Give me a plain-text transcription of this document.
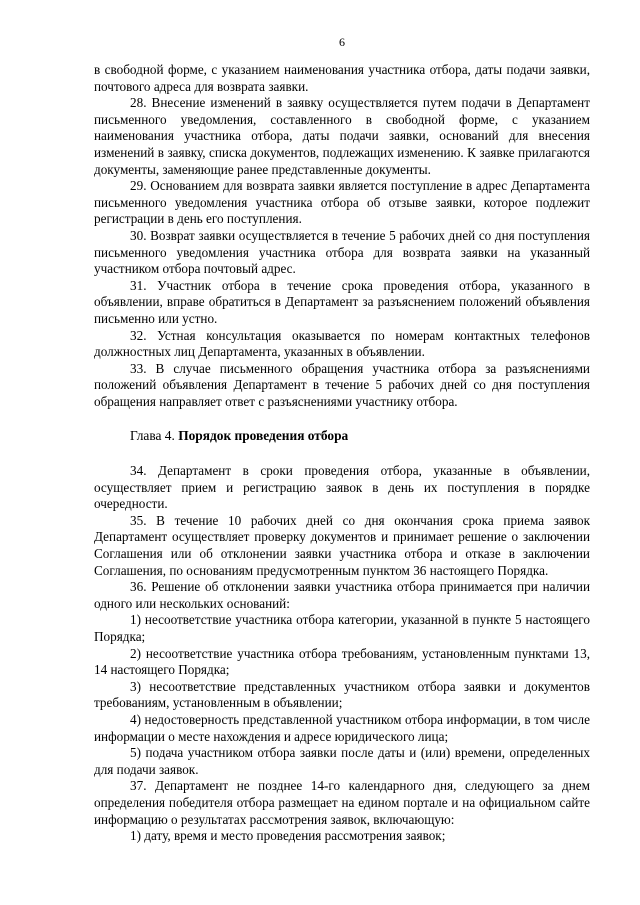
6

в свободной форме, с указанием наименования участника отбора, даты подачи заявки, почтового адреса для возврата заявки.

28. Внесение изменений в заявку осуществляется путем подачи в Департамент письменного уведомления, составленного в свободной форме, с указанием наименования участника отбора, даты подачи заявки, оснований для внесения изменений в заявку, списка документов, подлежащих изменению. К заявке прилагаются документы, заменяющие ранее представленные документы.

29. Основанием для возврата заявки является поступление в адрес Департамента письменного уведомления участника отбора об отзыве заявки, которое подлежит регистрации в день его поступления.

30. Возврат заявки осуществляется в течение 5 рабочих дней со дня поступления письменного уведомления участника отбора для возврата заявки на указанный участником отбора почтовый адрес.

31. Участник отбора в течение срока проведения отбора, указанного в объявлении, вправе обратиться в Департамент за разъяснением положений объявления письменно или устно.

32. Устная консультация оказывается по номерам контактных телефонов должностных лиц Департамента, указанных в объявлении.

33. В случае письменного обращения участника отбора за разъяснениями положений объявления Департамент в течение 5 рабочих дней со дня поступления обращения направляет ответ с разъяснениями участнику отбора.

Глава 4. Порядок проведения отбора

34. Департамент в сроки проведения отбора, указанные в объявлении, осуществляет прием и регистрацию заявок в день их поступления в порядке очередности.

35. В течение 10 рабочих дней со дня окончания срока приема заявок Департамент осуществляет проверку документов и принимает решение о заключении Соглашения или об отклонении заявки участника отбора и отказе в заключении Соглашения, по основаниям предусмотренным пунктом 36 настоящего Порядка.

36. Решение об отклонении заявки участника отбора принимается при наличии одного или нескольких оснований:

1) несоответствие участника отбора категории, указанной в пункте 5 настоящего Порядка;

2) несоответствие участника отбора требованиям, установленным пунктами 13, 14 настоящего Порядка;

3) несоответствие представленных участником отбора заявки и документов требованиям, установленным в объявлении;

4) недостоверность представленной участником отбора информации, в том числе информации о месте нахождения и адресе юридического лица;

5) подача участником отбора заявки после даты и (или) времени, определенных для подачи заявок.

37. Департамент не позднее 14-го календарного дня, следующего за днем определения победителя отбора размещает на едином портале и на официальном сайте информацию о результатах рассмотрения заявок, включающую:

1) дату, время и место проведения рассмотрения заявок;
